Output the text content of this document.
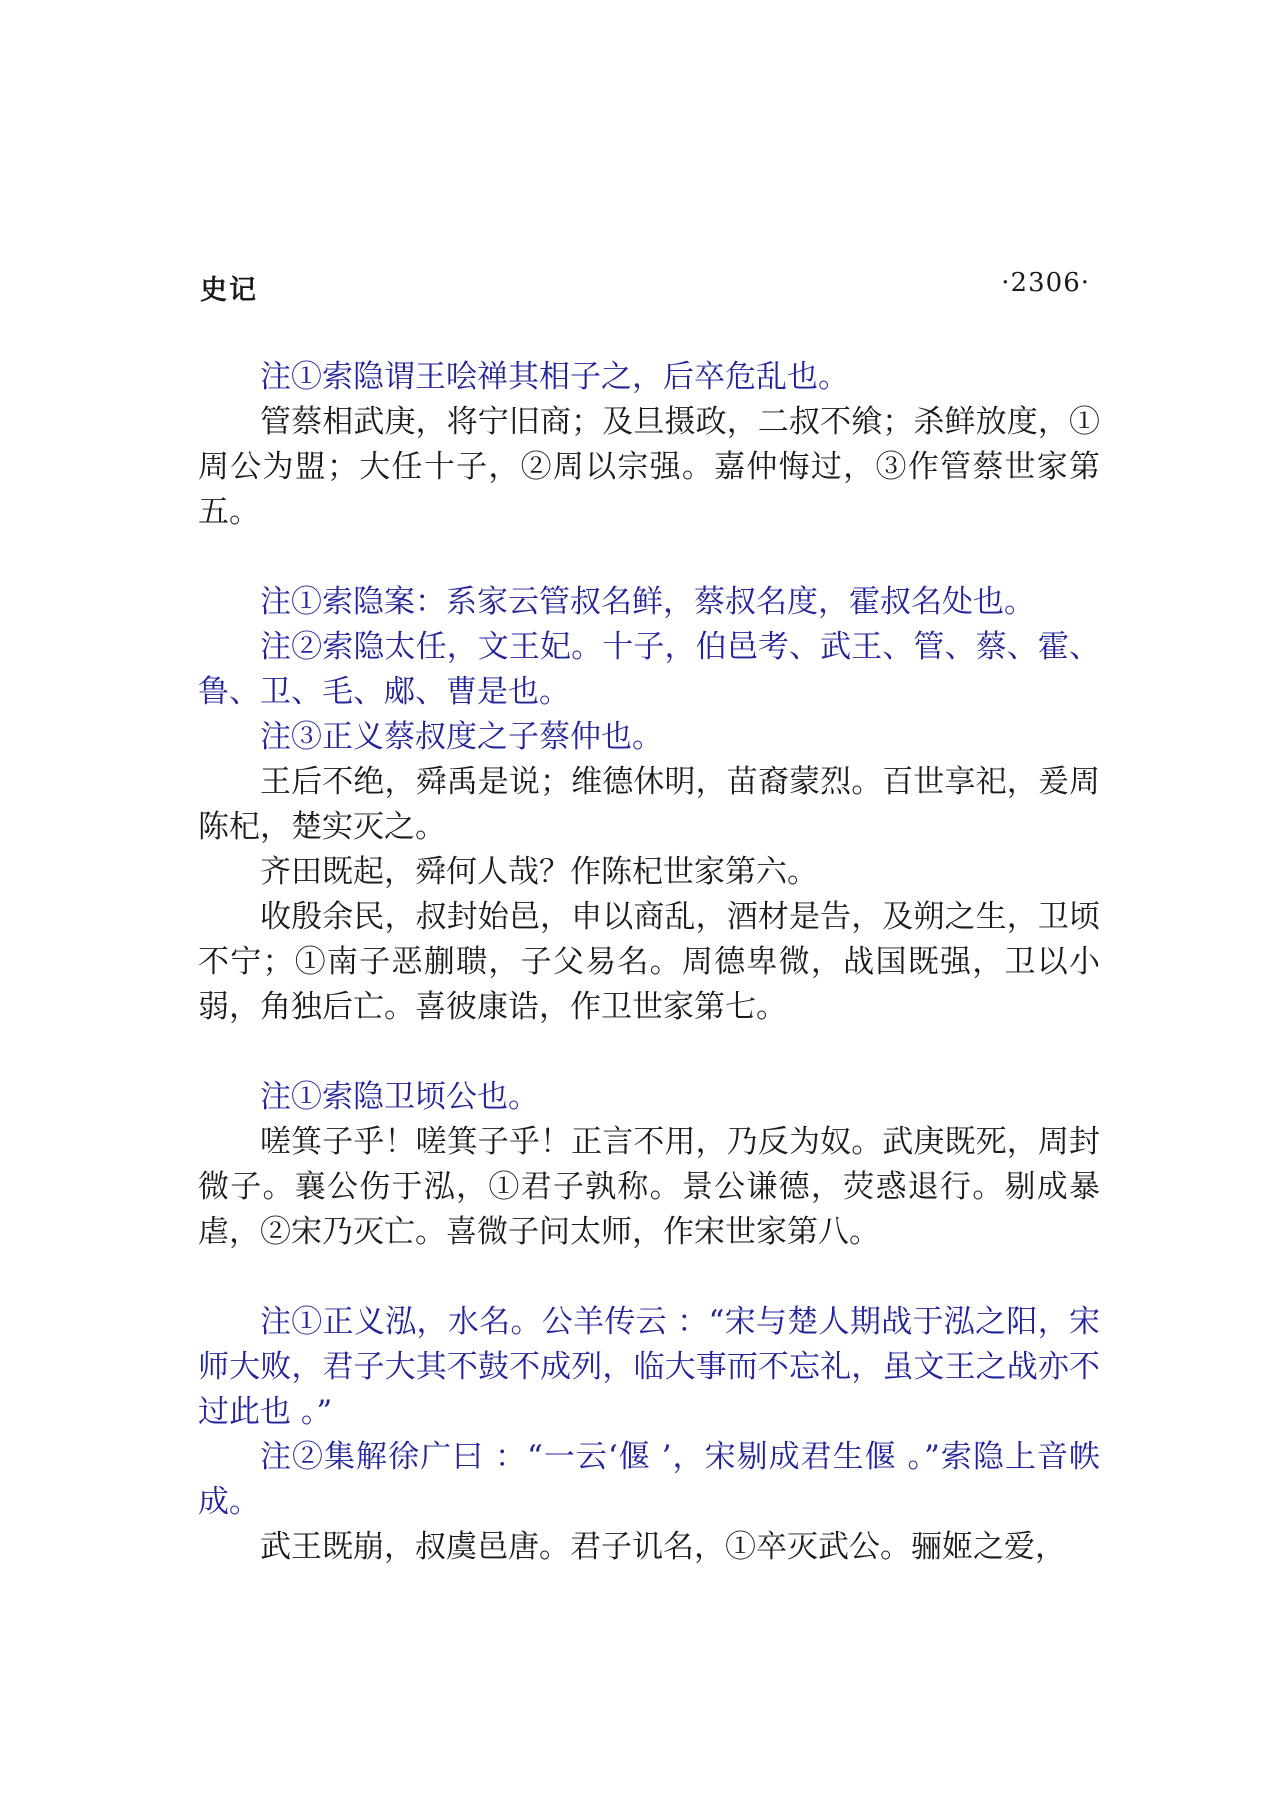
史记	·2306·

注①索隐谓王哙禅其相子之，后卒危乱也。

管蔡相武庚，将宁旧商；及旦摄政，二叔不飨；杀鲜放度，①周公为盟；大任十子，②周以宗强。嘉仲悔过，③作管蔡世家第五。

注①索隐案：系家云管叔名鲜，蔡叔名度，霍叔名处也。

注②索隐太任，文王妃。十子，伯邑考、武王、管、蔡、霍、鲁、卫、毛、郕、曹是也。

注③正义蔡叔度之子蔡仲也。

王后不绝，舜禹是说；维德休明，苗裔蒙烈。百世享祀，爰周陈杞，楚实灭之。

齐田既起，舜何人哉？作陈杞世家第六。

收殷余民，叔封始邑，申以商乱，酒材是告，及朔之生，卫顷不宁；①南子恶蒯聩，子父易名。周德卑微，战国既强，卫以小弱，角独后亡。喜彼康诰，作卫世家第七。

注①索隐卫顷公也。

嗟箕子乎！嗟箕子乎！正言不用，乃反为奴。武庚既死，周封微子。襄公伤于泓，①君子孰称。景公谦德，荧惑退行。剔成暴虐，②宋乃灭亡。喜微子问太师，作宋世家第八。

注①正义泓，水名。公羊传云 ：“宋与楚人期战于泓之阳，宋师大败，君子大其不鼓不成列，临大事而不忘礼，虽文王之战亦不过此也 。”

注②集解徐广曰 ：“一云‘偃 ’，宋剔成君生偃 。”索隐上音帙成。

武王既崩，叔虞邑唐。君子讥名，①卒灭武公。骊姬之爱，
